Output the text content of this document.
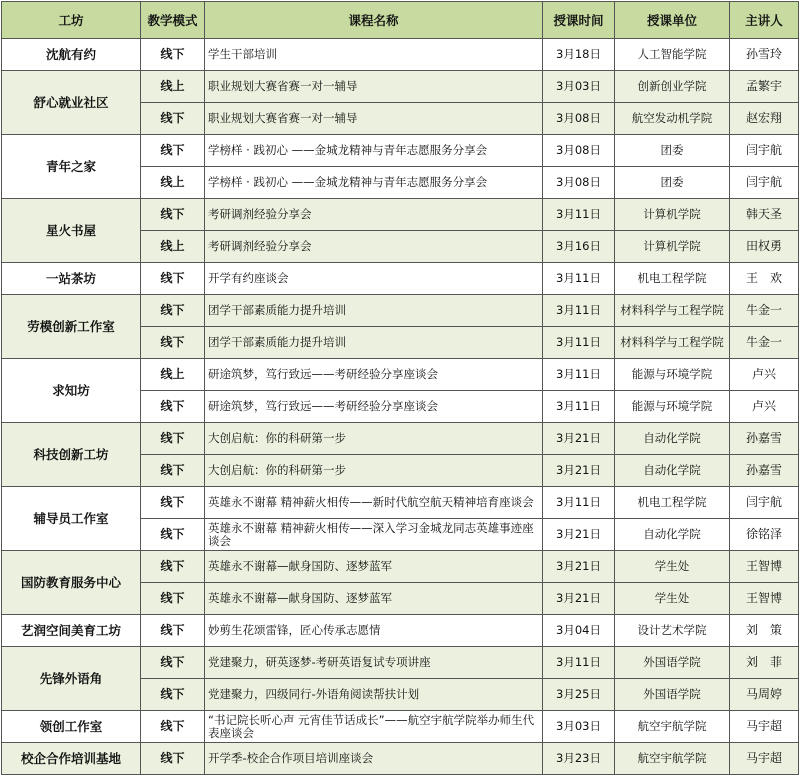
工坊	教学模式	课程名称	授课时间	授课单位	主讲人
沈航有约	线下	学生干部培训	3月18日	人工智能学院	孙雪玲
舒心就业社区	线上	职业规划大赛省赛一对一辅导	3月03日	创新创业学院	孟繁宇
	线下	职业规划大赛省赛一对一辅导	3月08日	航空发动机学院	赵宏翔
青年之家	线下	学榜样 · 践初心 ——金城龙精神与青年志愿服务分享会	3月08日	团委	闫宇航
	线上	学榜样 · 践初心 ——金城龙精神与青年志愿服务分享会	3月08日	团委	闫宇航
星火书屋	线下	考研调剂经验分享会	3月11日	计算机学院	韩天圣
	线上	考研调剂经验分享会	3月16日	计算机学院	田权勇
一站茶坊	线下	开学有约座谈会	3月11日	机电工程学院	王　欢
劳模创新工作室	线下	团学干部素质能力提升培训	3月11日	材料科学与工程学院	牛金一
	线下	团学干部素质能力提升培训	3月11日	材料科学与工程学院	牛金一
求知坊	线上	研途筑梦，笃行致远——考研经验分享座谈会	3月11日	能源与环境学院	卢兴
	线下	研途筑梦，笃行致远——考研经验分享座谈会	3月11日	能源与环境学院	卢兴
科技创新工坊	线下	大创启航：你的科研第一步	3月21日	自动化学院	孙嘉雪
	线下	大创启航：你的科研第一步	3月21日	自动化学院	孙嘉雪
辅导员工作室	线下	英雄永不谢幕 精神薪火相传——新时代航空航天精神培育座谈会	3月11日	机电工程学院	闫宇航
	线下	英雄永不谢幕 精神薪火相传——深入学习金城龙同志英雄事迹座谈会	3月21日	自动化学院	徐铭泽
国防教育服务中心	线下	英雄永不谢幕—献身国防、逐梦蓝军	3月21日	学生处	王智博
	线下	英雄永不谢幕—献身国防、逐梦蓝军	3月21日	学生处	王智博
艺润空间美育工坊	线下	妙剪生花颂雷锋，匠心传承志愿情	3月04日	设计艺术学院	刘　策
先锋外语角	线下	党建聚力，研英逐梦-考研英语复试专项讲座	3月11日	外国语学院	刘　菲
	线下	党建聚力，四级同行-外语角阅读帮扶计划	3月25日	外国语学院	马周婷
领创工作室	线下	“书记院长听心声 元宵佳节话成长”——航空宇航学院举办师生代表座谈会	3月03日	航空宇航学院	马宇超
校企合作培训基地	线下	开学季-校企合作项目培训座谈会	3月23日	航空宇航学院	马宇超
